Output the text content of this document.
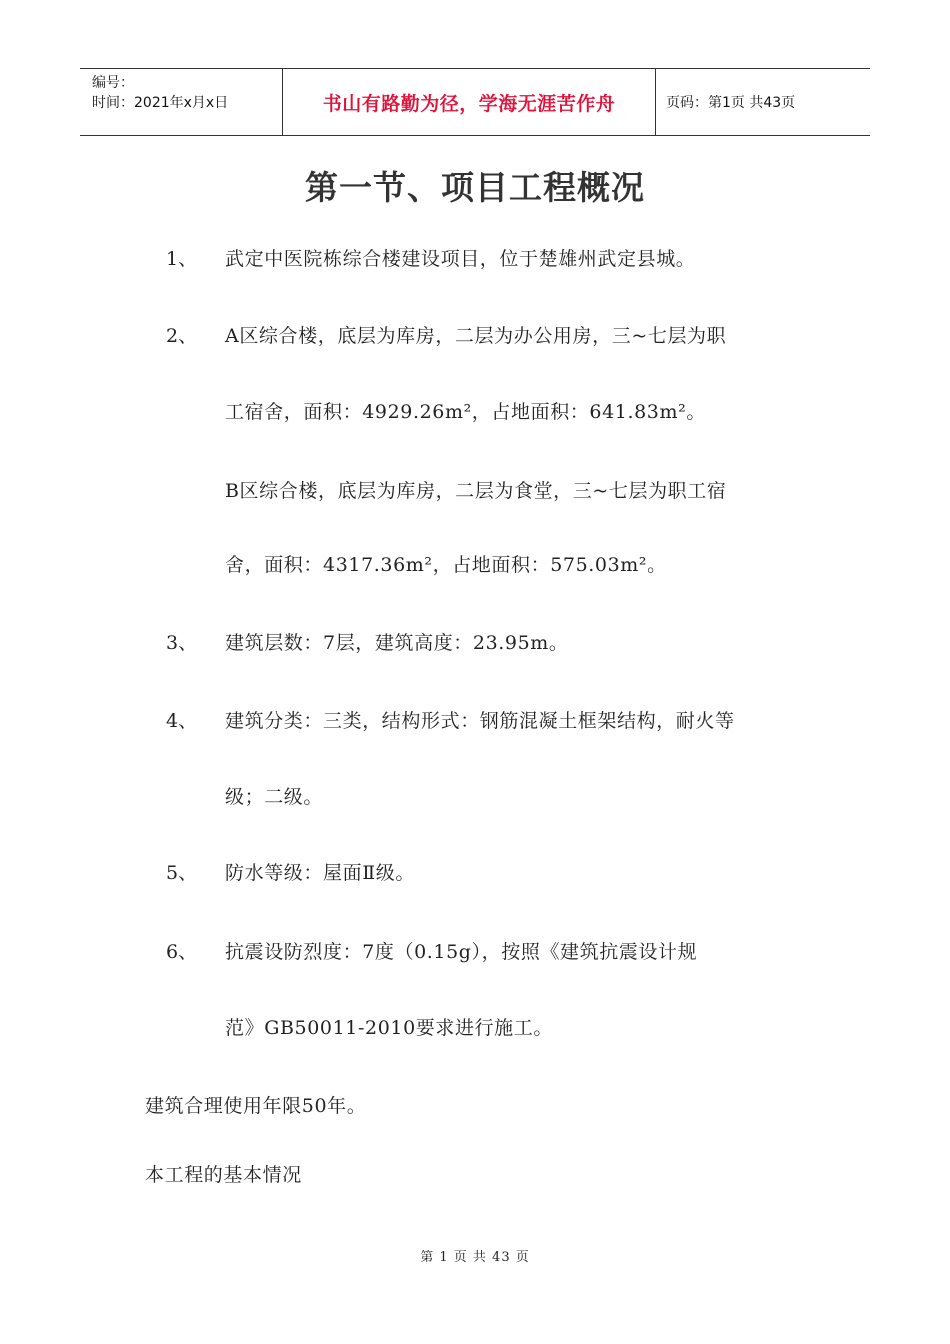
编号：
时间：2021年x月x日	书山有路勤为径，学海无涯苦作舟	页码：第1页 共43页
第一节、项目工程概况
1、 武定中医院栋综合楼建设项目，位于楚雄州武定县城。
2、 A区综合楼，底层为库房，二层为办公用房，三~七层为职
工宿舍，面积：4929.26m²，占地面积：641.83m²。
B区综合楼，底层为库房，二层为食堂，三~七层为职工宿
舍，面积：4317.36m²，占地面积：575.03m²。
3、 建筑层数：7层，建筑高度：23.95m。
4、 建筑分类：三类，结构形式：钢筋混凝土框架结构，耐火等
级；二级。
5、 防水等级：屋面Ⅱ级。
6、 抗震设防烈度：7度（0.15g），按照《建筑抗震设计规
范》GB50011-2010要求进行施工。
建筑合理使用年限50年。
本工程的基本情况
第 1 页 共 43 页
